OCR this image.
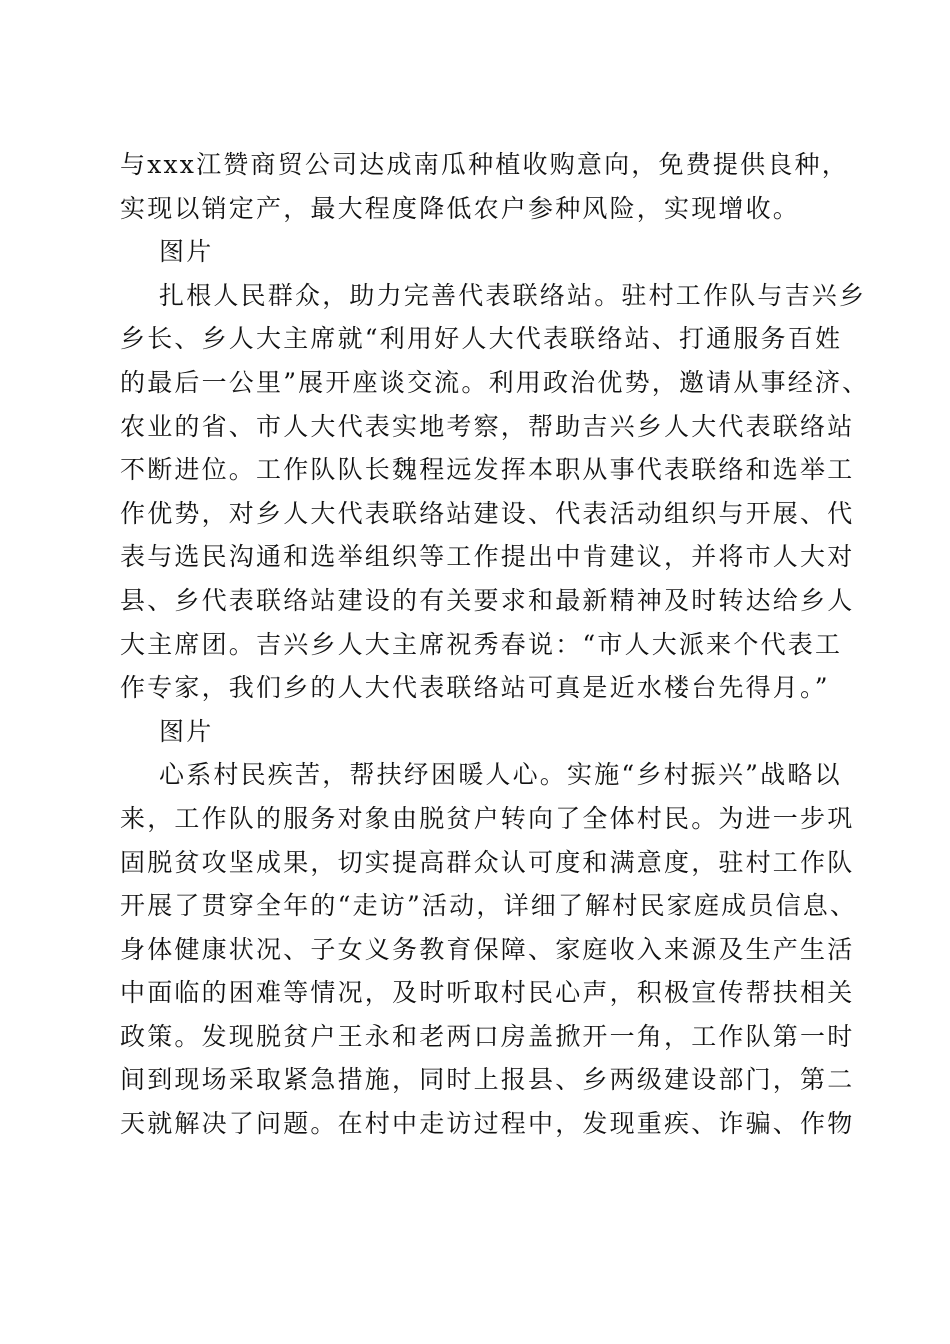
与xxx江赞商贸公司达成南瓜种植收购意向，免费提供良种，
实现以销定产，最大程度降低农户参种风险，实现增收。
图片
扎根人民群众，助力完善代表联络站。驻村工作队与吉兴乡
乡长、乡人大主席就“利用好人大代表联络站、打通服务百姓
的最后一公里”展开座谈交流。利用政治优势，邀请从事经济、
农业的省、市人大代表实地考察，帮助吉兴乡人大代表联络站
不断进位。工作队队长魏程远发挥本职从事代表联络和选举工
作优势，对乡人大代表联络站建设、代表活动组织与开展、代
表与选民沟通和选举组织等工作提出中肯建议，并将市人大对
县、乡代表联络站建设的有关要求和最新精神及时转达给乡人
大主席团。吉兴乡人大主席祝秀春说：“市人大派来个代表工
作专家，我们乡的人大代表联络站可真是近水楼台先得月。”
图片
心系村民疾苦，帮扶纾困暖人心。实施“乡村振兴”战略以
来，工作队的服务对象由脱贫户转向了全体村民。为进一步巩
固脱贫攻坚成果，切实提高群众认可度和满意度，驻村工作队
开展了贯穿全年的“走访”活动，详细了解村民家庭成员信息、
身体健康状况、子女义务教育保障、家庭收入来源及生产生活
中面临的困难等情况，及时听取村民心声，积极宣传帮扶相关
政策。发现脱贫户王永和老两口房盖掀开一角，工作队第一时
间到现场采取紧急措施，同时上报县、乡两级建设部门，第二
天就解决了问题。在村中走访过程中，发现重疾、诈骗、作物
